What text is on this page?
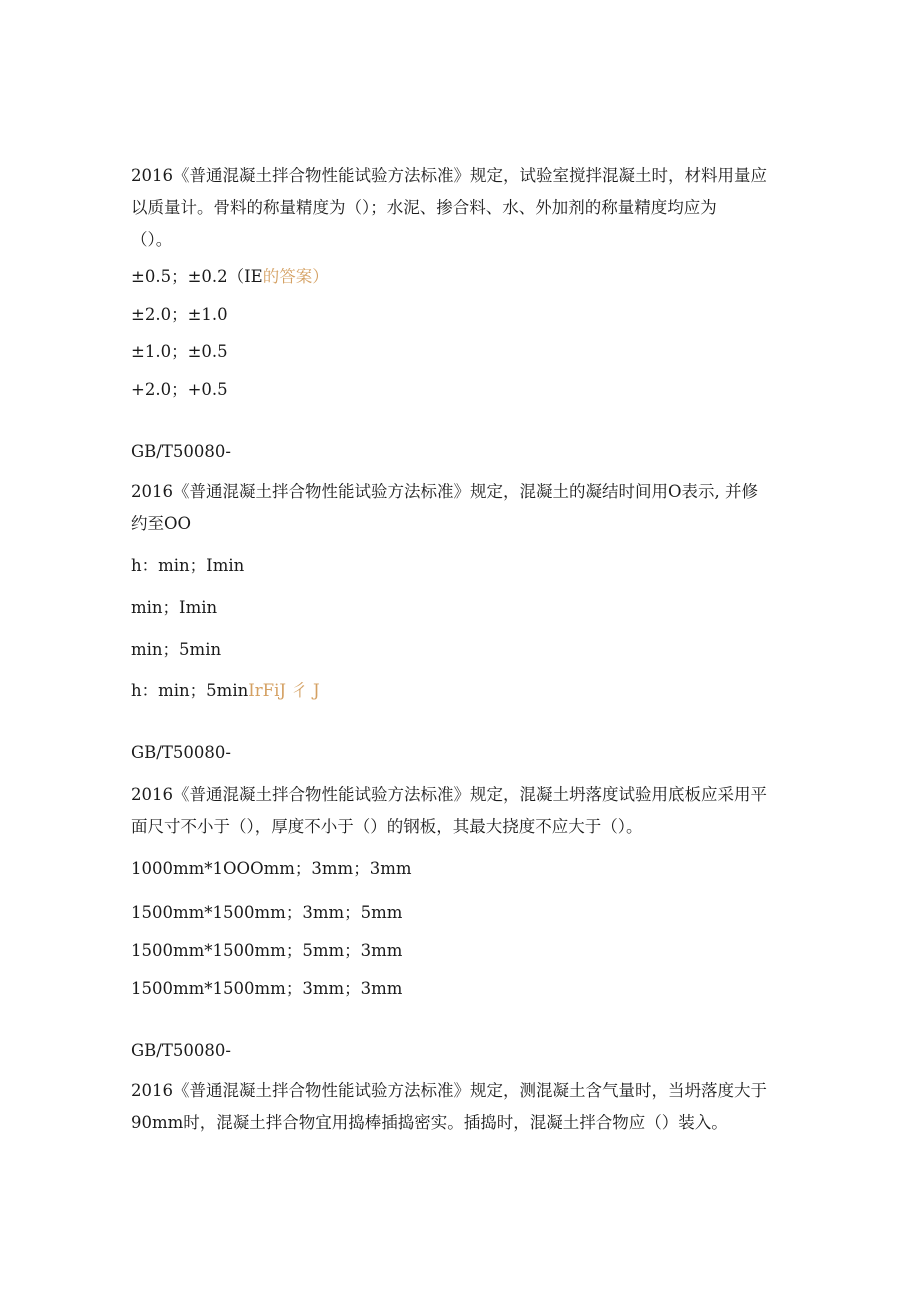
2016《普通混凝土拌合物性能试验方法标准》规定，试验室搅拌混凝土时，材料用量应
以质量计。骨料的称量精度为（）；水泥、掺合料、水、外加剂的称量精度均应为
（）。
±0.5；±0.2（IE的答案）
±2.0；±1.0
±1.0；±0.5
+2.0；+0.5
GB/T50080-
2016《普通混凝土拌合物性能试验方法标准》规定，混凝土的凝结时间用O表示, 并修
约至OO
h：min；Imin
min；Imin
min；5min
h：min；5minIrFiJ 彳 J
GB/T50080-
2016《普通混凝土拌合物性能试验方法标准》规定，混凝土坍落度试验用底板应采用平
面尺寸不小于（），厚度不小于（）的钢板，其最大挠度不应大于（）。
1000mm*1OOOmm；3mm；3mm
1500mm*1500mm；3mm；5mm
1500mm*1500mm；5mm；3mm
1500mm*1500mm；3mm；3mm
GB/T50080-
2016《普通混凝土拌合物性能试验方法标准》规定，测混凝土含气量时，当坍落度大于
90mm时，混凝土拌合物宜用捣棒插捣密实。插捣时，混凝土拌合物应（）装入。
